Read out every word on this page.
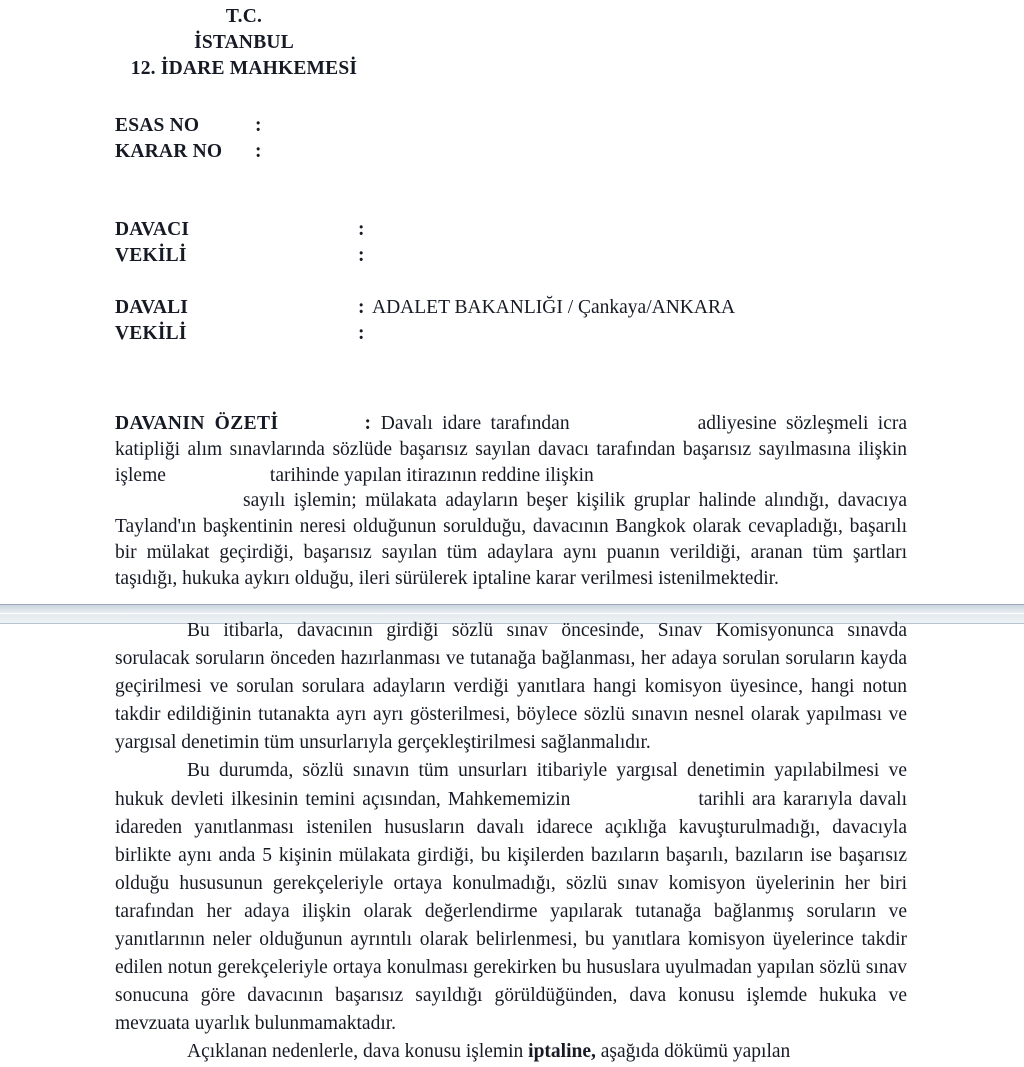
T.C.
İSTANBUL
12. İDARE MAHKEMESİ
ESAS NO	:
KARAR NO	:
DAVACI	:
VEKİLİ	:
DAVALI	: ADALET BAKANLIĞI / Çankaya/ANKARA
VEKİLİ	:
DAVANIN ÖZETİ	: Davalı idare tarafından	adliyesine sözleşmeli icra katipliği alım sınavlarında sözlüde başarısız sayılan davacı tarafından başarısız sayılmasına ilişkin işleme	tarihinde yapılan itirazının reddine ilişkin
sayılı işlemin; mülakata adayların beşer kişilik gruplar halinde alındığı, davacıya Tayland'ın başkentinin neresi olduğunun sorulduğu, davacının Bangkok olarak cevapladığı, başarılı bir mülakat geçirdiği, başarısız sayılan tüm adaylara aynı puanın verildiği, aranan tüm şartları taşıdığı, hukuka aykırı olduğu, ileri sürülerek iptaline karar verilmesi istenilmektedir.

Bu itibarla, davacının girdiği sözlü sınav öncesinde, Sınav Komisyonunca sınavda sorulacak soruların önceden hazırlanması ve tutanağa bağlanması, her adaya sorulan soruların kayda geçirilmesi ve sorulan sorulara adayların verdiği yanıtlara hangi komisyon üyesince, hangi notun takdir edildiğinin tutanakta ayrı ayrı gösterilmesi, böylece sözlü sınavın nesnel olarak yapılması ve yargısal denetimin tüm unsurlarıyla gerçekleştirilmesi sağlanmalıdır.

Bu durumda, sözlü sınavın tüm unsurları itibariyle yargısal denetimin yapılabilmesi ve hukuk devleti ilkesinin temini açısından, Mahkememizin	tarihli ara kararıyla davalı idareden yanıtlanması istenilen hususların davalı idarece açıklığa kavuşturulmadığı, davacıyla birlikte aynı anda 5 kişinin mülakata girdiği, bu kişilerden bazıların başarılı, bazıların ise başarısız olduğu hususunun gerekçeleriyle ortaya konulmadığı, sözlü sınav komisyon üyelerinin her biri tarafından her adaya ilişkin olarak değerlendirme yapılarak tutanağa bağlanmış soruların ve yanıtlarının neler olduğunun ayrıntılı olarak belirlenmesi, bu yanıtlara komisyon üyelerince takdir edilen notun gerekçeleriyle ortaya konulması gerekirken bu hususlara uyulmadan yapılan sözlü sınav sonucuna göre davacının başarısız sayıldığı görüldüğünden, dava konusu işlemde hukuka ve mevzuata uyarlık bulunmamaktadır.

Açıklanan nedenlerle, dava konusu işlemin iptaline, aşağıda dökümü yapılan
